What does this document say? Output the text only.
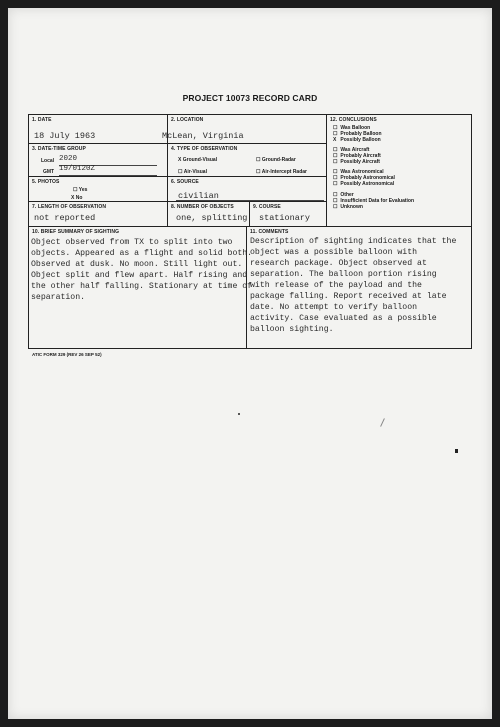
PROJECT 10073 RECORD CARD
1. DATE
18 July 1963
2. LOCATION
McLean, Virginia
3. DATE-TIME GROUP
Local 2020
GMT 19/0120Z
4. TYPE OF OBSERVATION
X Ground-Visual	☐ Ground-Radar
☐ Air-Visual	☐ Air-Intercept Radar
5. PHOTOS
☐ Yes
X No
6. SOURCE
civilian
7. LENGTH OF OBSERVATION
not reported
8. NUMBER OF OBJECTS
one, splitting
9. COURSE
stationary
12. CONCLUSIONS
☐ Was Balloon
☐ Probably Balloon
X Possibly Balloon
☐ Was Aircraft
☐ Probably Aircraft
☐ Possibly Aircraft
☐ Was Astronomical
☐ Probably Astronomical
☐ Possibly Astronomical
☐ Other
☐ Insufficient Data for Evaluation
☐ Unknown
10. BRIEF SUMMARY OF SIGHTING
Object observed from TX to split into two
objects. Appeared as a flight and solid both.
Observed at dusk. No moon. Still light out.
Object split and flew apart. Half rising and
the other half falling. Stationary at time of
separation.
11. COMMENTS
Description of sighting indicates that the
object was a possible balloon with
research package. Object observed at
separation. The balloon portion rising
with release of the payload and the
package falling. Report received at late
date. No attempt to verify balloon
activity. Case evaluated as a possible
balloon sighting.
ATIC FORM 329 (REV 26 SEP 52)
